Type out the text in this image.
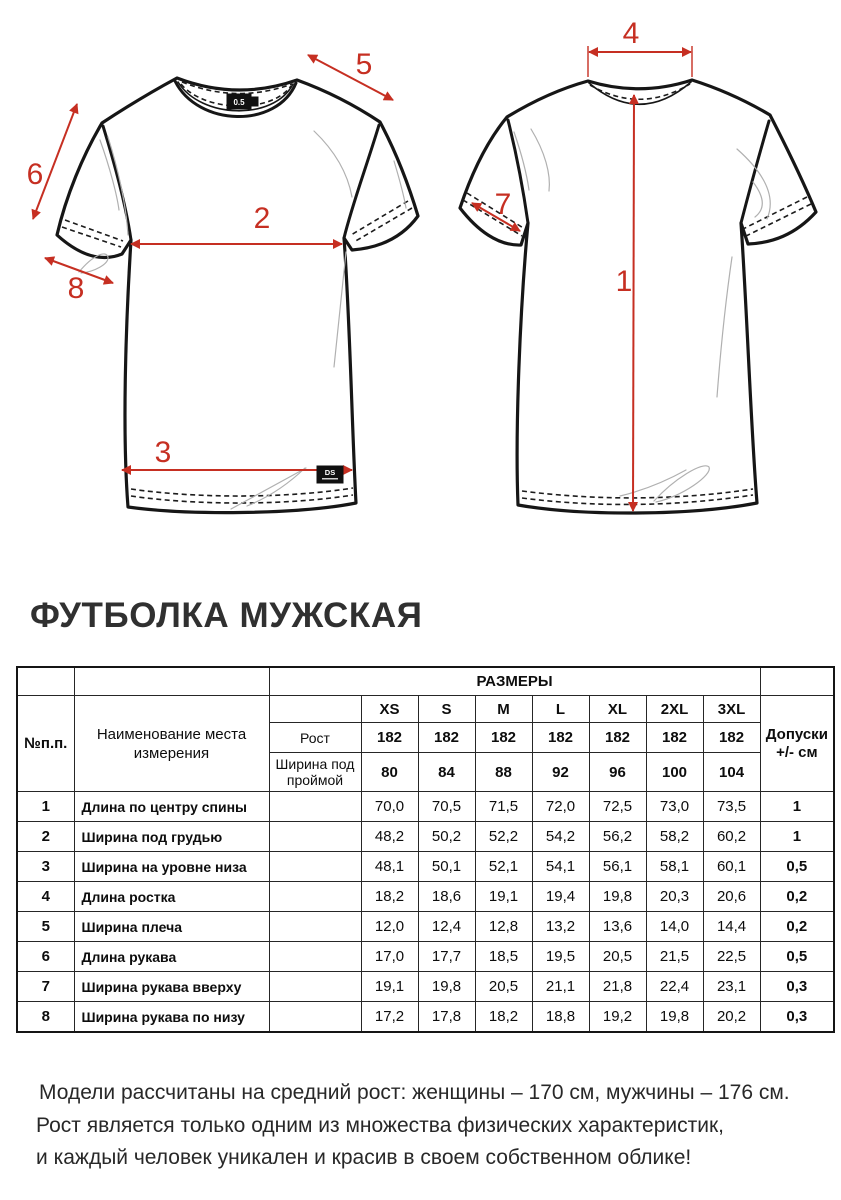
0.5
1
2
3
4
5
6
7
8
DS
ФУТБОЛКА МУЖСКАЯ
		РАЗМЕРЫ								
№п.п.	Наименование места измерения		XS	S	M	L	XL	2XL	3XL	Допуски +/- см
		Рост	182	182	182	182	182	182	182	
		Ширина под проймой	80	84	88	92	96	100	104	
1	Длина по центру спины		70,0	70,5	71,5	72,0	72,5	73,0	73,5	1
2	Ширина под грудью		48,2	50,2	52,2	54,2	56,2	58,2	60,2	1
3	Ширина на уровне низа		48,1	50,1	52,1	54,1	56,1	58,1	60,1	0,5
4	Длина ростка		18,2	18,6	19,1	19,4	19,8	20,3	20,6	0,2
5	Ширина плеча		12,0	12,4	12,8	13,2	13,6	14,0	14,4	0,2
6	Длина рукава		17,0	17,7	18,5	19,5	20,5	21,5	22,5	0,5
7	Ширина рукава вверху		19,1	19,8	20,5	21,1	21,8	22,4	23,1	0,3
8	Ширина рукава по низу		17,2	17,8	18,2	18,8	19,2	19,8	20,2	0,3
Модели рассчитаны на средний рост: женщины – 170 см, мужчины – 176 см.
Рост является только одним из множества физических характеристик,
и каждый человек уникален и красив в своем собственном облике!
